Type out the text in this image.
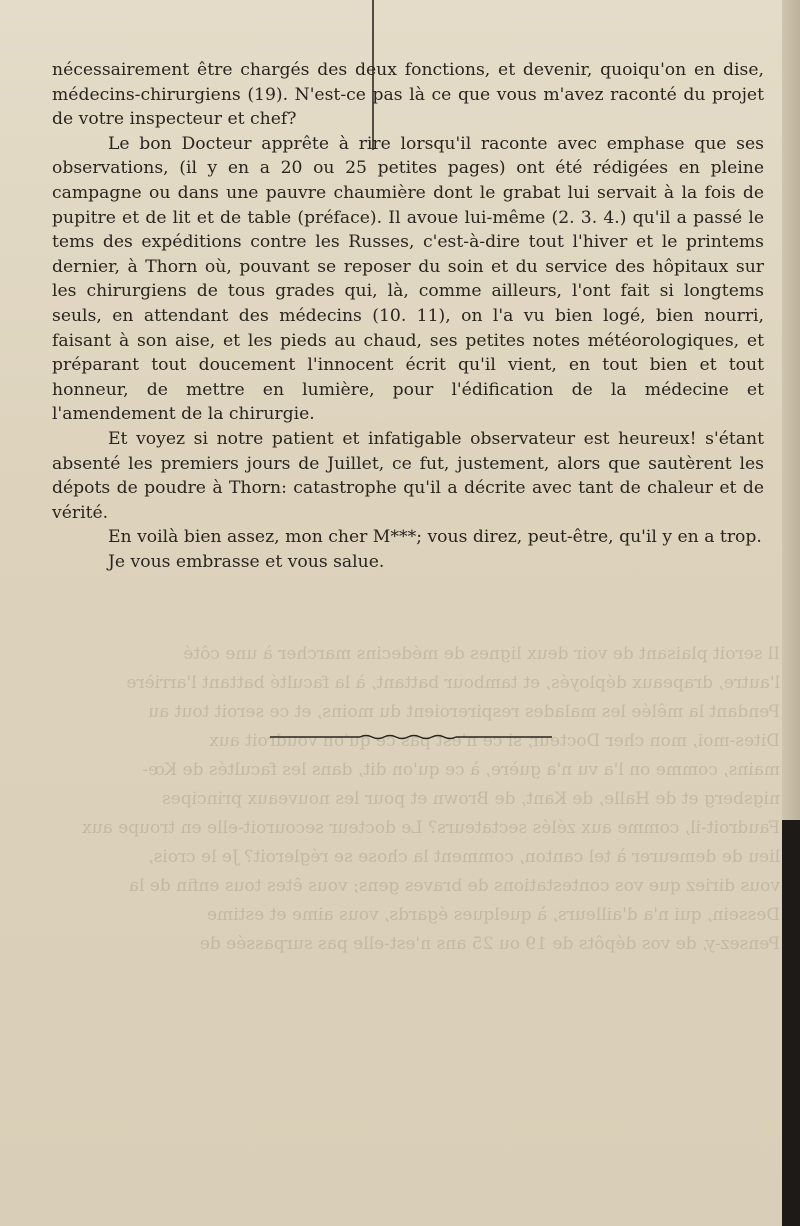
Il seroit plaisant de voir deux lignes de médecins marcher à une côté
l'autre, drapeaux déployés, et tambour battant, à la faculté battant l'arrière
Pendant la mêlée les malades respireroient du moins, et ce seroit tout au
Dites-moi, mon cher Docteur, si ce n'est pas ce qu'on voudroit aux
mains, comme on l'a vu n'a guère, à ce qu'on dit, dans les facultés de Kœ-
nigsberg et de Halle, de Kant, de Brown et pour les nouveaux principes
Faudroit-il, comme aux zélés sectateurs? Le docteur secouroit-elle en troupe aux
lieu de demeurer à tel canton, comment la chose se régleroit? Je le crois,
vous diriez que vos contestations de braves gens; vous êtes tous enfin de la
Dessein, qui n'a d'ailleurs, à quelques égards, vous aime et estime
Pensez-y, de vos dépôts de 19 ou 25 ans n'est-elle pas surpassée de

nécessairement être chargés des deux fonctions, et devenir, quoiqu'on en dise, médecins-chirurgiens (19). N'est-ce pas là ce que vous m'avez raconté du projet de votre inspecteur et chef?

Le bon Docteur apprête à rire lorsqu'il raconte avec emphase que ses observations, (il y en a 20 ou 25 petites pages) ont été rédigées en pleine campagne ou dans une pauvre chaumière dont le grabat lui servait à la fois de pupitre et de lit et de table (préface). Il avoue lui-même (2. 3. 4.) qu'il a passé le tems des expéditions contre les Russes, c'est-à-dire tout l'hiver et le printems dernier, à Thorn où, pouvant se reposer du soin et du service des hôpitaux sur les chirurgiens de tous grades qui, là, comme ailleurs, l'ont fait si longtems seuls, en attendant des médecins (10. 11), on l'a vu bien logé, bien nourri, faisant à son aise, et les pieds au chaud, ses petites notes météorologiques, et préparant tout doucement l'innocent écrit qu'il vient, en tout bien et tout honneur, de mettre en lumière, pour l'édification de la médecine et l'amendement de la chirurgie.

Et voyez si notre patient et infatigable observateur est heureux! s'étant absenté les premiers jours de Juillet, ce fut, justement, alors que sautèrent les dépots de poudre à Thorn: catastrophe qu'il a décrite avec tant de chaleur et de vérité.

En voilà bien assez, mon cher M***; vous direz, peut-être, qu'il y en a trop.

Je vous embrasse et vous salue.
